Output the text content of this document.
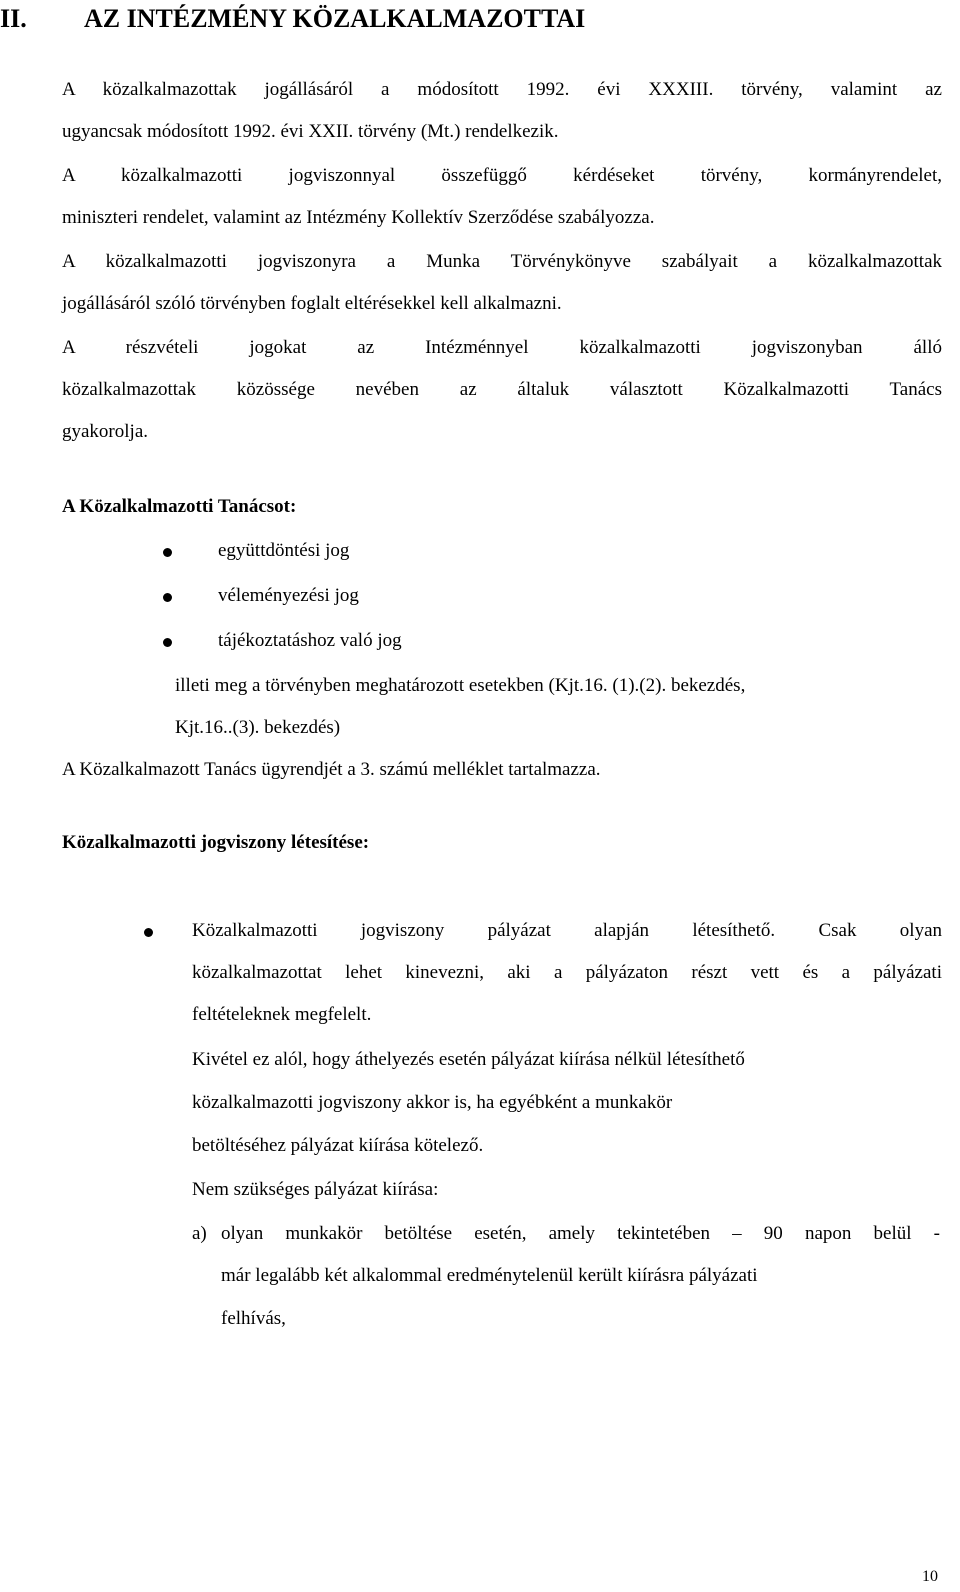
II. AZ INTÉZMÉNY KÖZALKALMAZOTTAI
A közalkalmazottak jogállásáról a módosított 1992. évi XXXIII. törvény, valamint az
ugyancsak módosított 1992. évi XXII. törvény (Mt.) rendelkezik.
A közalkalmazotti jogviszonnyal összefüggő kérdéseket törvény, kormányrendelet,
miniszteri rendelet, valamint az Intézmény Kollektív Szerződése szabályozza.
A közalkalmazotti jogviszonyra a Munka Törvénykönyve szabályait a közalkalmazottak
jogállásáról szóló törvényben foglalt eltérésekkel kell alkalmazni.
A részvételi jogokat az Intézménnyel közalkalmazotti jogviszonyban álló
közalkalmazottak közössége nevében az általuk választott Közalkalmazotti Tanács
gyakorolja.
A Közalkalmazotti Tanácsot:
együttdöntési jog
véleményezési jog
tájékoztatáshoz való jog
illeti meg a törvényben meghatározott esetekben (Kjt.16. (1).(2). bekezdés,
Kjt.16..(3). bekezdés)
A Közalkalmazott Tanács ügyrendjét a 3. számú melléklet tartalmazza.
Közalkalmazotti jogviszony létesítése:
Közalkalmazotti jogviszony pályázat alapján létesíthető. Csak olyan
közalkalmazottat lehet kinevezni, aki a pályázaton részt vett és a pályázati
feltételeknek megfelelt.
Kivétel ez alól, hogy áthelyezés esetén pályázat kiírása nélkül létesíthető
közalkalmazotti jogviszony akkor is, ha egyébként a munkakör
betöltéséhez pályázat kiírása kötelező.
Nem szükséges pályázat kiírása:
a) olyan munkakör betöltése esetén, amely tekintetében – 90 napon belül -
már legalább két alkalommal eredménytelenül került kiírásra pályázati
felhívás,
10
